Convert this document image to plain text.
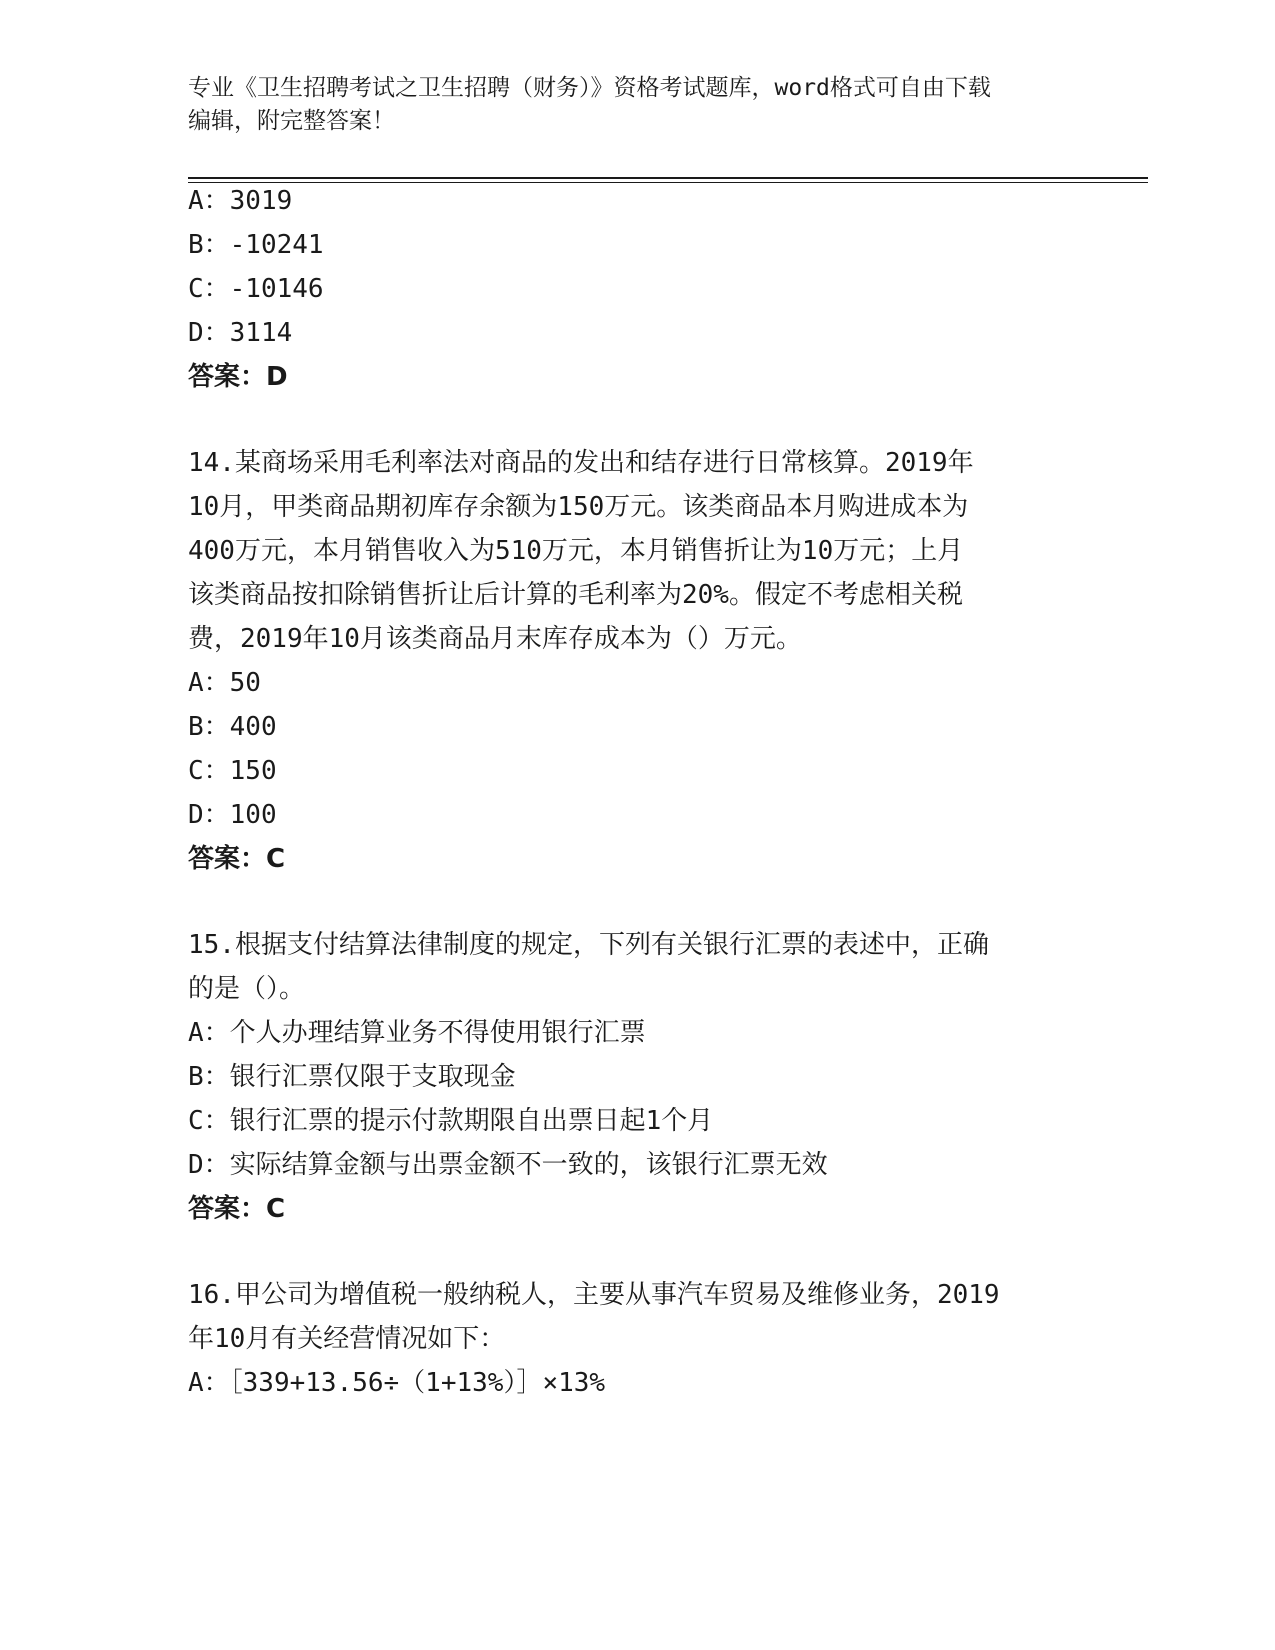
专业《卫生招聘考试之卫生招聘（财务）》资格考试题库，word格式可自由下载
编辑，附完整答案！
A：3019
B：-10241
C：-10146
D：3114
答案：D
14.某商场采用毛利率法对商品的发出和结存进行日常核算。2019年
10月，甲类商品期初库存余额为150万元。该类商品本月购进成本为
400万元，本月销售收入为510万元，本月销售折让为10万元；上月
该类商品按扣除销售折让后计算的毛利率为20%。假定不考虑相关税
费，2019年10月该类商品月末库存成本为（）万元。
A：50
B：400
C：150
D：100
答案：C
15.根据支付结算法律制度的规定，下列有关银行汇票的表述中，正确
的是（）。
A：个人办理结算业务不得使用银行汇票
B：银行汇票仅限于支取现金
C：银行汇票的提示付款期限自出票日起1个月
D：实际结算金额与出票金额不一致的，该银行汇票无效
答案：C
16.甲公司为增值税一般纳税人，主要从事汽车贸易及维修业务，2019
年10月有关经营情况如下：
A：［339+13.56÷（1+13%）］×13%
